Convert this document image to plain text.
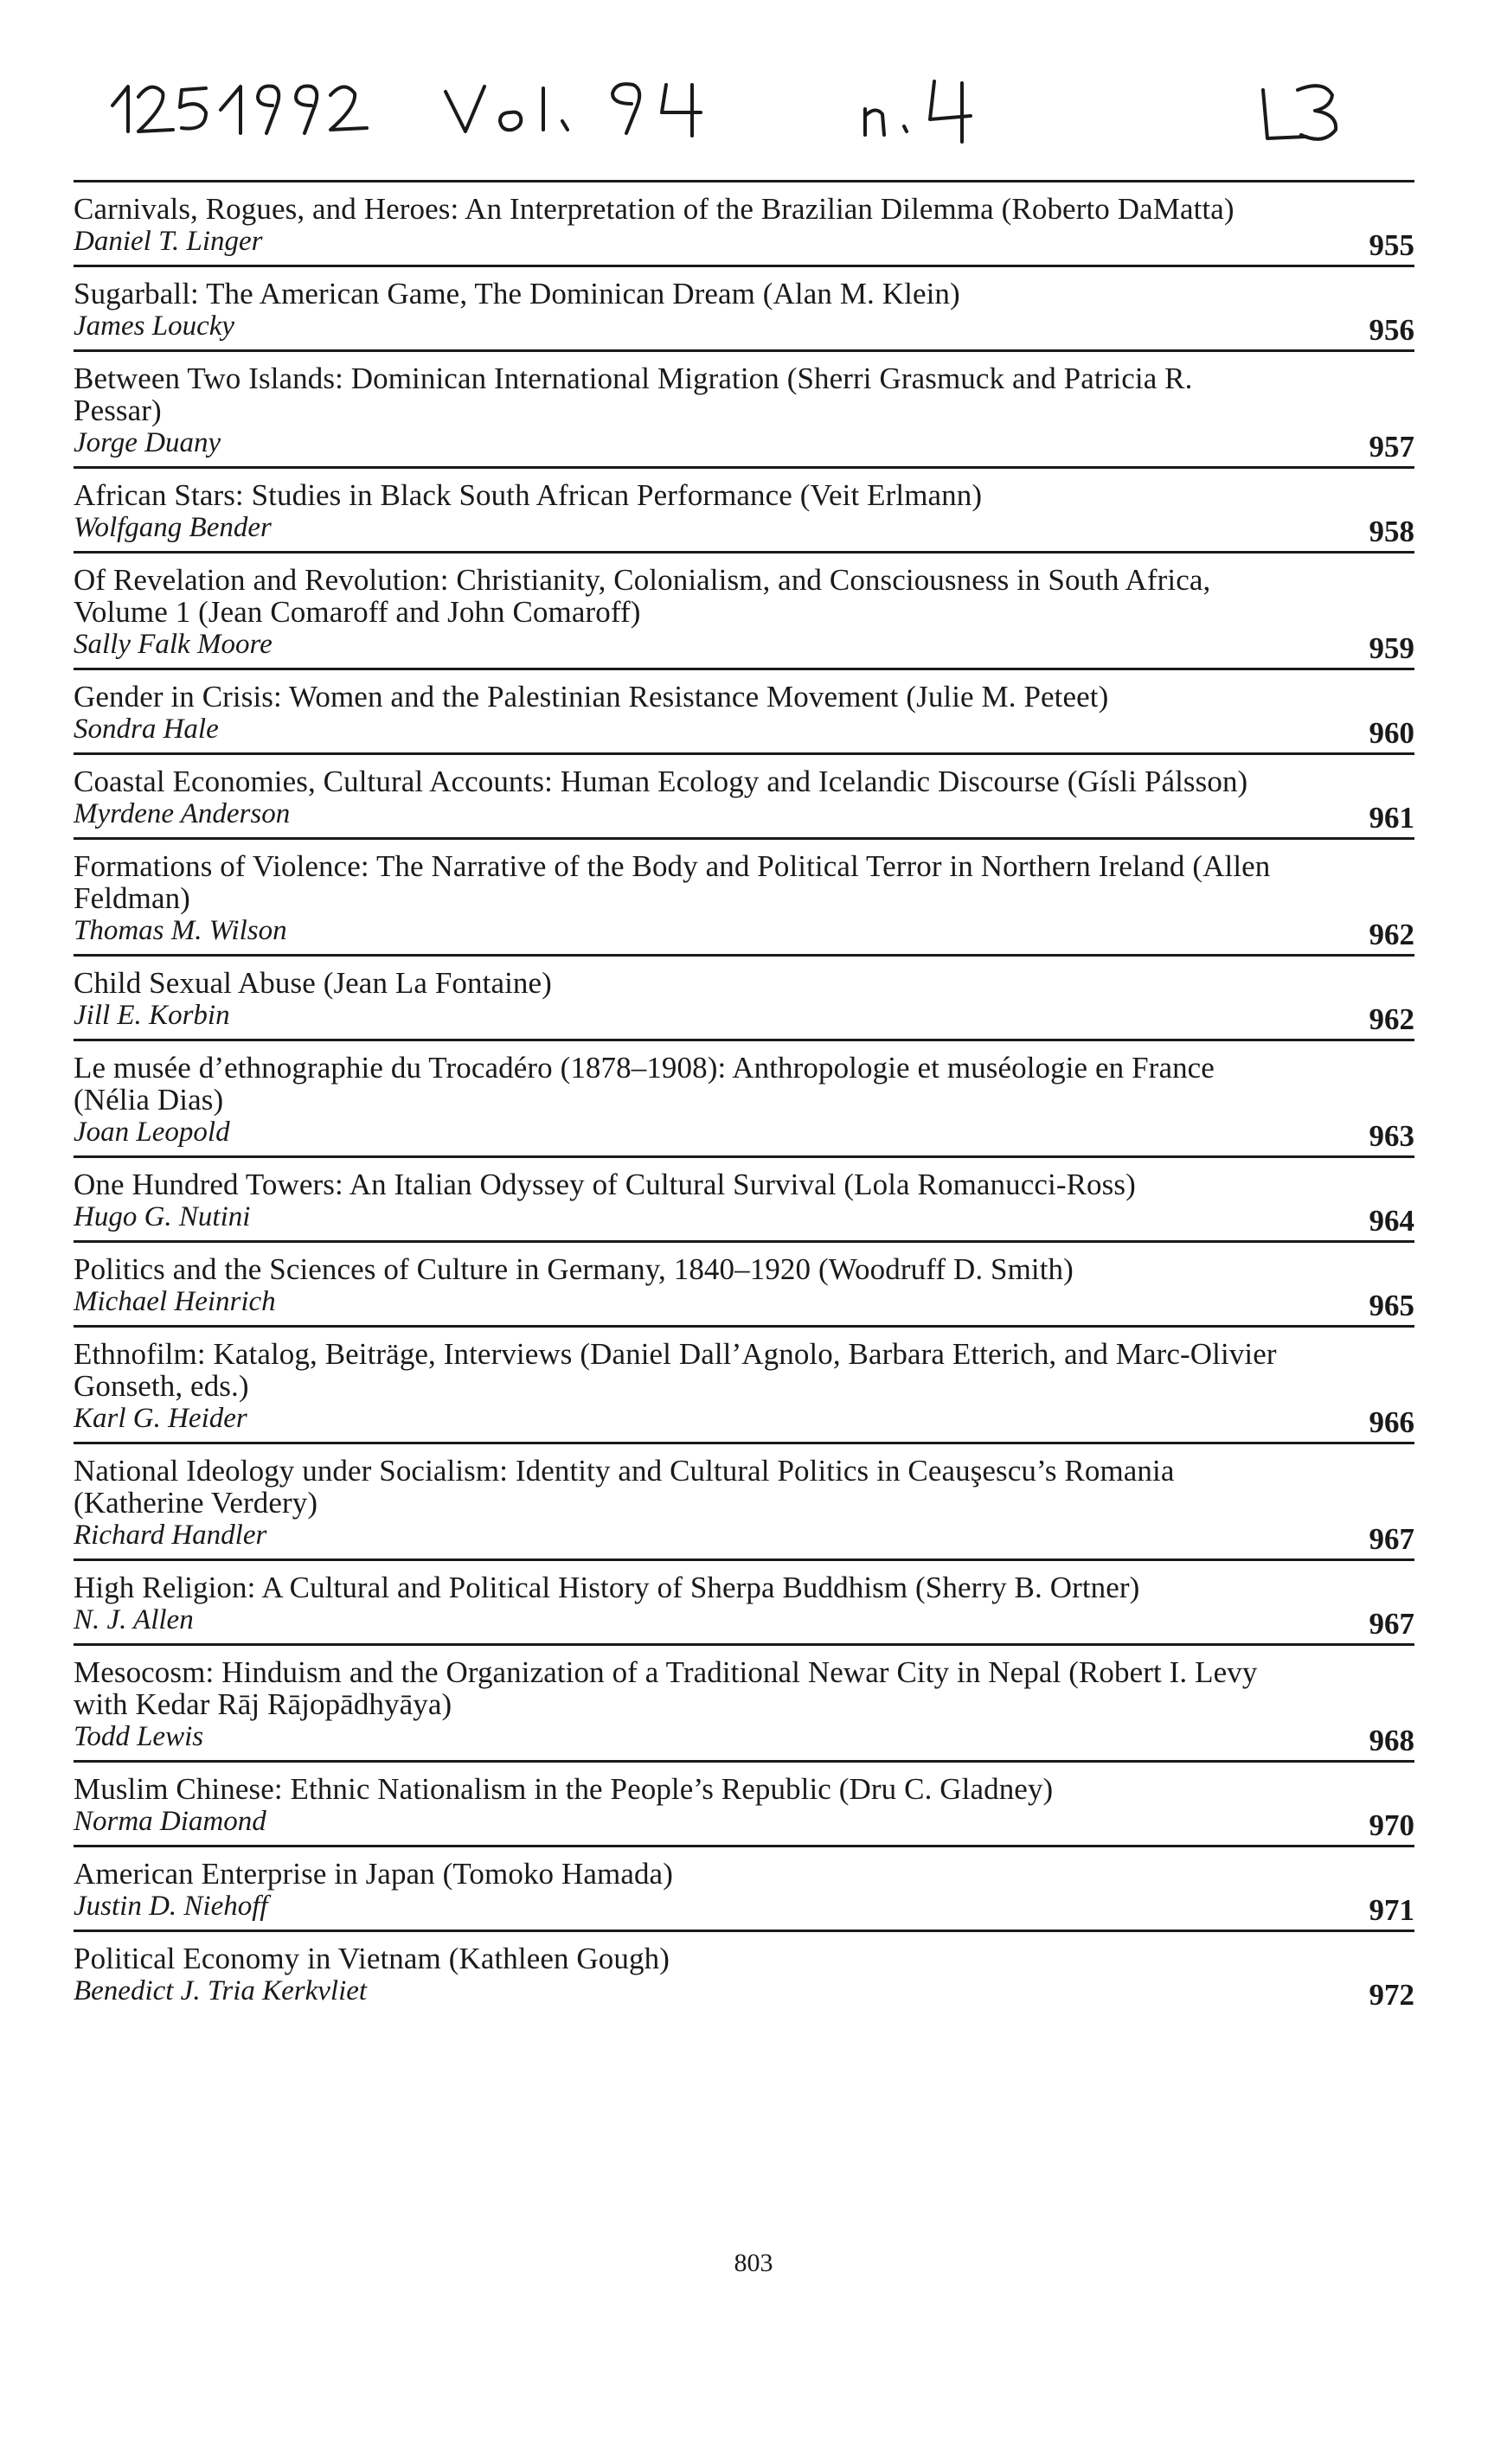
Carnivals, Rogues, and Heroes: An Interpretation of the Brazilian Dilemma (Roberto DaMatta)
Daniel T. Linger	955
Sugarball: The American Game, The Dominican Dream (Alan M. Klein)
James Loucky	956
Between Two Islands: Dominican International Migration (Sherri Grasmuck and Patricia R. Pessar)
Jorge Duany	957
African Stars: Studies in Black South African Performance (Veit Erlmann)
Wolfgang Bender	958
Of Revelation and Revolution: Christianity, Colonialism, and Consciousness in South Africa, Volume 1 (Jean Comaroff and John Comaroff)
Sally Falk Moore	959
Gender in Crisis: Women and the Palestinian Resistance Movement (Julie M. Peteet)
Sondra Hale	960
Coastal Economies, Cultural Accounts: Human Ecology and Icelandic Discourse (Gísli Pálsson)
Myrdene Anderson	961
Formations of Violence: The Narrative of the Body and Political Terror in Northern Ireland (Allen Feldman)
Thomas M. Wilson	962
Child Sexual Abuse (Jean La Fontaine)
Jill E. Korbin	962
Le musée d’ethnographie du Trocadéro (1878–1908): Anthropologie et muséologie en France (Nélia Dias)
Joan Leopold	963
One Hundred Towers: An Italian Odyssey of Cultural Survival (Lola Romanucci-Ross)
Hugo G. Nutini	964
Politics and the Sciences of Culture in Germany, 1840–1920 (Woodruff D. Smith)
Michael Heinrich	965
Ethnofilm: Katalog, Beiträge, Interviews (Daniel Dall’Agnolo, Barbara Etterich, and Marc-Olivier Gonseth, eds.)
Karl G. Heider	966
National Ideology under Socialism: Identity and Cultural Politics in Ceauşescu’s Romania (Katherine Verdery)
Richard Handler	967
High Religion: A Cultural and Political History of Sherpa Buddhism (Sherry B. Ortner)
N. J. Allen	967
Mesocosm: Hinduism and the Organization of a Traditional Newar City in Nepal (Robert I. Levy with Kedar Rāj Rājopādhyāya)
Todd Lewis	968
Muslim Chinese: Ethnic Nationalism in the People’s Republic (Dru C. Gladney)
Norma Diamond	970
American Enterprise in Japan (Tomoko Hamada)
Justin D. Niehoff	971
Political Economy in Vietnam (Kathleen Gough)
Benedict J. Tria Kerkvliet	972
803
